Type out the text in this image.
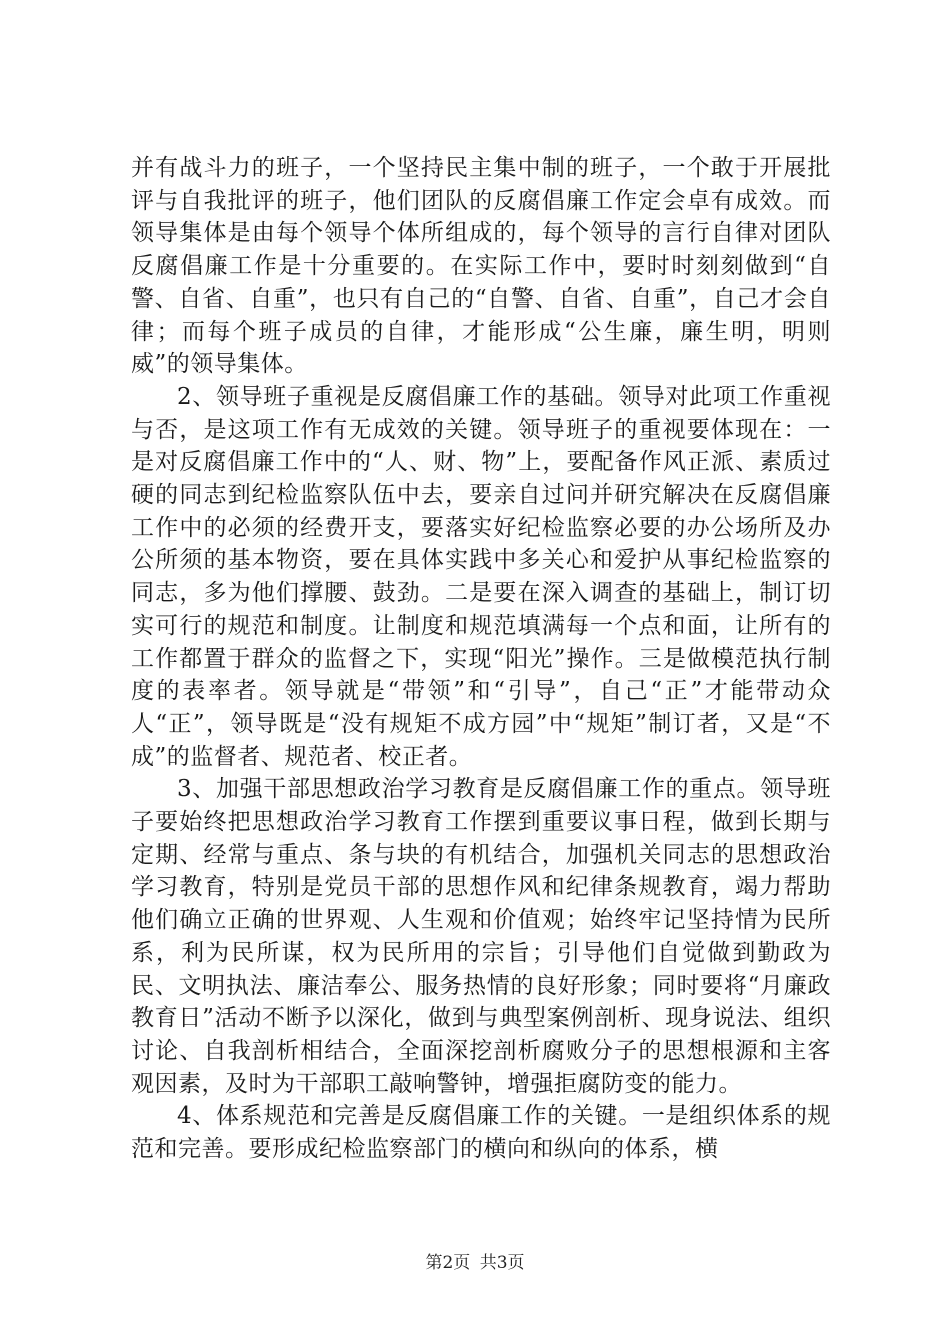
并有战斗力的班子，一个坚持民主集中制的班子，一个敢于开展批评与自我批评的班子，他们团队的反腐倡廉工作定会卓有成效。而领导集体是由每个领导个体所组成的，每个领导的言行自律对团队反腐倡廉工作是十分重要的。在实际工作中，要时时刻刻做到“自警、自省、自重”，也只有自己的“自警、自省、自重”，自己才会自律；而每个班子成员的自律，才能形成“公生廉，廉生明，明则威”的领导集体。

2、领导班子重视是反腐倡廉工作的基础。领导对此项工作重视与否，是这项工作有无成效的关键。领导班子的重视要体现在：一是对反腐倡廉工作中的“人、财、物”上，要配备作风正派、素质过硬的同志到纪检监察队伍中去，要亲自过问并研究解决在反腐倡廉工作中的必须的经费开支，要落实好纪检监察必要的办公场所及办公所须的基本物资，要在具体实践中多关心和爱护从事纪检监察的同志，多为他们撑腰、鼓劲。二是要在深入调查的基础上，制订切实可行的规范和制度。让制度和规范填满每一个点和面，让所有的工作都置于群众的监督之下，实现“阳光”操作。三是做模范执行制度的表率者。领导就是“带领”和“引导”，自己“正”才能带动众人“正”，领导既是“没有规矩不成方园”中“规矩”制订者，又是“不成”的监督者、规范者、校正者。

3、加强干部思想政治学习教育是反腐倡廉工作的重点。领导班子要始终把思想政治学习教育工作摆到重要议事日程，做到长期与定期、经常与重点、条与块的有机结合，加强机关同志的思想政治学习教育，特别是党员干部的思想作风和纪律条规教育，竭力帮助他们确立正确的世界观、人生观和价值观；始终牢记坚持情为民所系，利为民所谋，权为民所用的宗旨；引导他们自觉做到勤政为民、文明执法、廉洁奉公、服务热情的良好形象；同时要将“月廉政教育日”活动不断予以深化，做到与典型案例剖析、现身说法、组织讨论、自我剖析相结合，全面深挖剖析腐败分子的思想根源和主客观因素，及时为干部职工敲响警钟，增强拒腐防变的能力。

4、体系规范和完善是反腐倡廉工作的关键。一是组织体系的规范和完善。要形成纪检监察部门的横向和纵向的体系，横

第2页 共3页
